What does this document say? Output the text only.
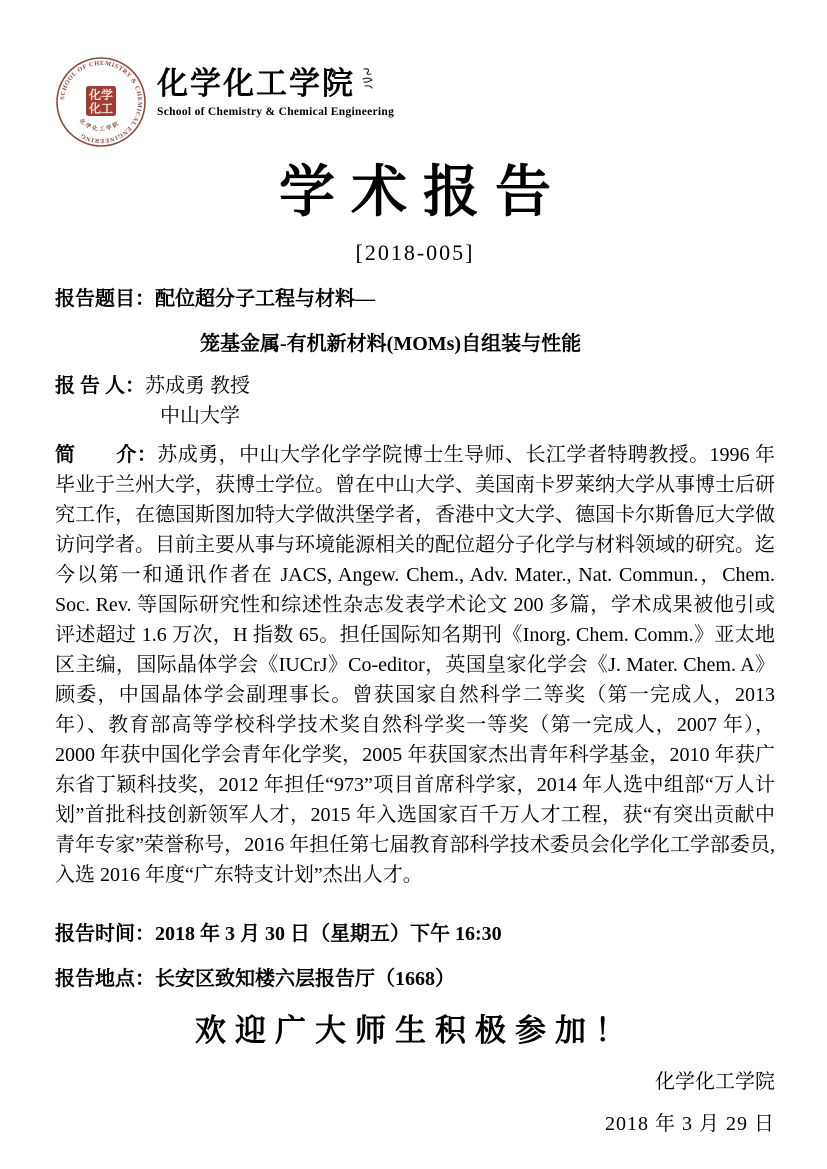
SCHOOL OF CHEMISTRY & CHEMICAL ENGINEERING
化学
化工
化学化工学院
化学化工学院
School of Chemistry & Chemical Engineering
学术报告
[2018-005]
报告题目：配位超分子工程与材料—
笼基金属-有机新材料(MOMs)自组装与性能
报 告 人：苏成勇 教授
中山大学
简　　介：苏成勇，中山大学化学学院博士生导师、长江学者特聘教授。1996 年毕业于兰州大学，获博士学位。曾在中山大学、美国南卡罗莱纳大学从事博士后研究工作，在德国斯图加特大学做洪堡学者，香港中文大学、德国卡尔斯鲁厄大学做访问学者。目前主要从事与环境能源相关的配位超分子化学与材料领域的研究。迄今以第一和通讯作者在 JACS, Angew. Chem., Adv. Mater., Nat. Commun.，Chem. Soc. Rev. 等国际研究性和综述性杂志发表学术论文 200 多篇，学术成果被他引或评述超过 1.6 万次，H 指数 65。担任国际知名期刊《Inorg. Chem. Comm.》亚太地区主编，国际晶体学会《IUCrJ》Co-editor，英国皇家化学会《J. Mater. Chem. A》顾委，中国晶体学会副理事长。曾获国家自然科学二等奖（第一完成人，2013 年）、教育部高等学校科学技术奖自然科学奖一等奖（第一完成人，2007 年），2000 年获中国化学会青年化学奖，2005 年获国家杰出青年科学基金，2010 年获广东省丁颖科技奖，2012 年担任“973”项目首席科学家，2014 年人选中组部“万人计划”首批科技创新领军人才，2015 年入选国家百千万人才工程，获“有突出贡献中青年专家”荣誉称号，2016 年担任第七届教育部科学技术委员会化学化工学部委员,入选 2016 年度“广东特支计划”杰出人才。
报告时间：2018 年 3 月 30 日（星期五）下午 16:30
报告地点：长安区致知楼六层报告厅（1668）
欢迎广大师生积极参加！
化学化工学院
2018 年 3 月 29 日
